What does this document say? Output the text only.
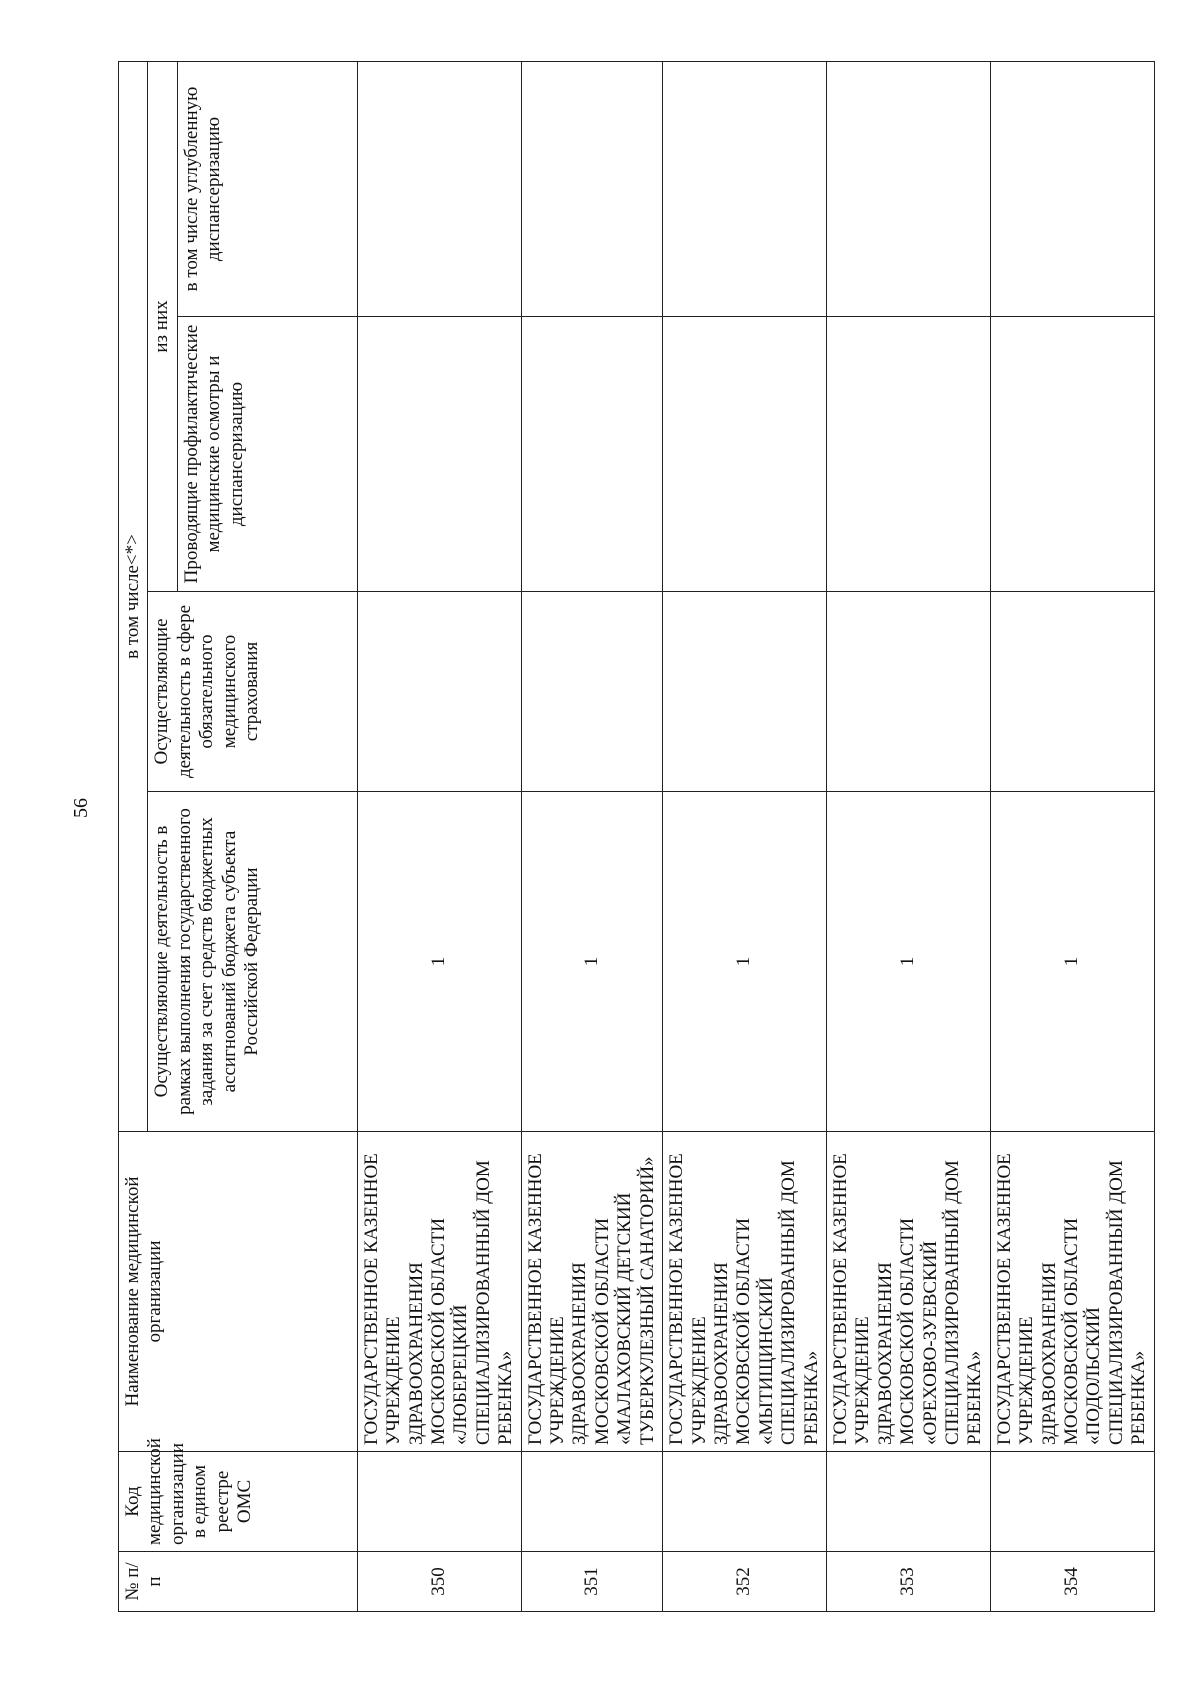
56
№ п/п	Код медицинской организации в едином реестре ОМС	Наименование медицинской организации	в том числе<*>			
			Осуществляющие деятельность в рамках выполнения государственного задания за счет средств бюджетных ассигнований бюджета субъекта Российской Федерации	Осуществляющие деятельность в сфере обязательного медицинского страхования	из них	
					Проводящие профилактические медицинские осмотры и диспансеризацию	в том числе углубленную диспансеризацию
350		ГОСУДАРСТВЕННОЕ КАЗЕННОЕ УЧРЕЖДЕНИЕ ЗДРАВООХРАНЕНИЯ МОСКОВСКОЙ ОБЛАСТИ «ЛЮБЕРЕЦКИЙ СПЕЦИАЛИЗИРОВАННЫЙ ДОМ РЕБЕНКА»	1			
351		ГОСУДАРСТВЕННОЕ КАЗЕННОЕ УЧРЕЖДЕНИЕ ЗДРАВООХРАНЕНИЯ МОСКОВСКОЙ ОБЛАСТИ «МАЛАХОВСКИЙ ДЕТСКИЙ ТУБЕРКУЛЕЗНЫЙ САНАТОРИЙ»	1			
352		ГОСУДАРСТВЕННОЕ КАЗЕННОЕ УЧРЕЖДЕНИЕ ЗДРАВООХРАНЕНИЯ МОСКОВСКОЙ ОБЛАСТИ «МЫТИЩИНСКИЙ СПЕЦИАЛИЗИРОВАННЫЙ ДОМ РЕБЕНКА»	1			
353		ГОСУДАРСТВЕННОЕ КАЗЕННОЕ УЧРЕЖДЕНИЕ ЗДРАВООХРАНЕНИЯ МОСКОВСКОЙ ОБЛАСТИ «ОРЕХОВО-ЗУЕВСКИЙ СПЕЦИАЛИЗИРОВАННЫЙ ДОМ РЕБЕНКА»	1			
354		ГОСУДАРСТВЕННОЕ КАЗЕННОЕ УЧРЕЖДЕНИЕ ЗДРАВООХРАНЕНИЯ МОСКОВСКОЙ ОБЛАСТИ «ПОДОЛЬСКИЙ СПЕЦИАЛИЗИРОВАННЫЙ ДОМ РЕБЕНКА»	1			
